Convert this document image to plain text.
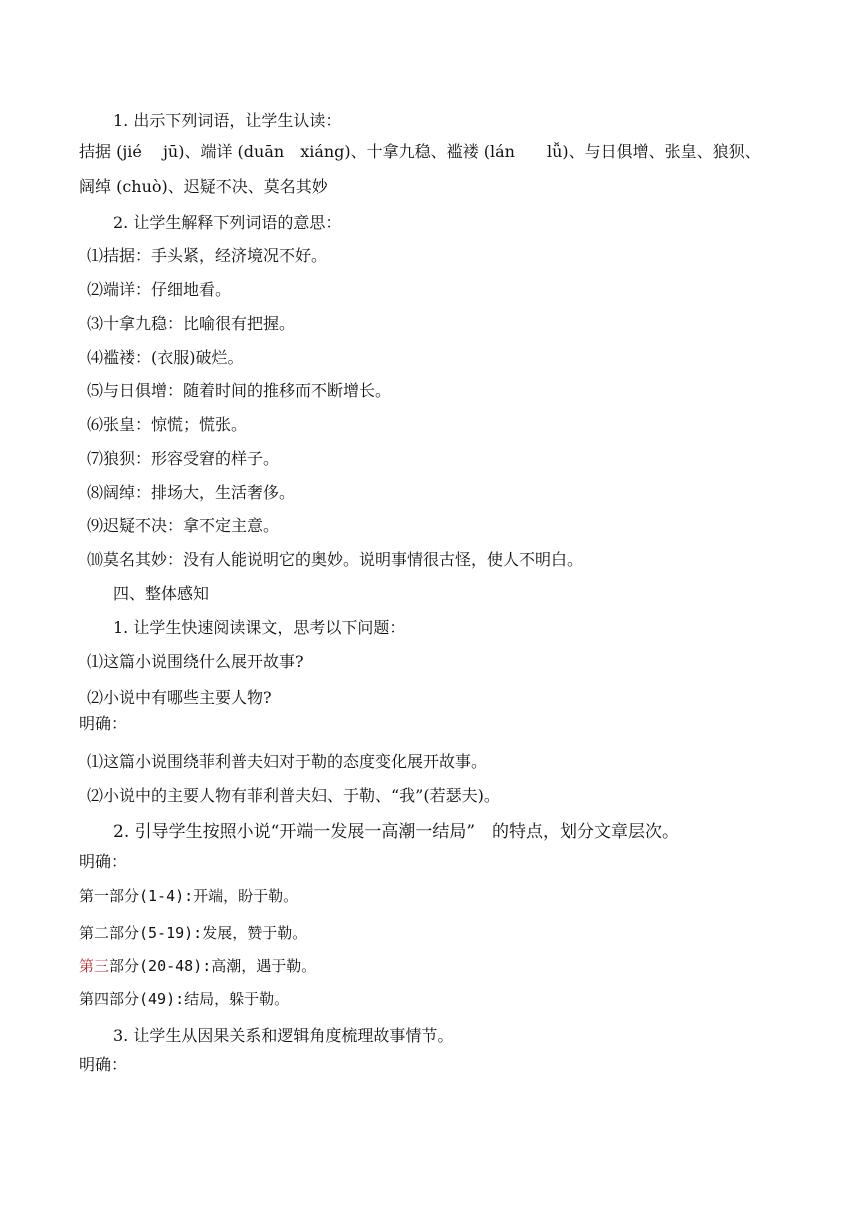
1. 出示下列词语，让学生认读：
拮据 (jié　 jū)、端详 (duān　xiáng)、十拿九稳、褴褛 (lán　　lǚ)、与日俱增、张皇、狼狈、
阔绰 (chuò)、迟疑不决、莫名其妙
2. 让学生解释下列词语的意思：
⑴拮据：手头紧，经济境况不好。
⑵端详：仔细地看。
⑶十拿九稳：比喻很有把握。
⑷褴褛：(衣服)破烂。
⑸与日俱增：随着时间的推移而不断增长。
⑹张皇：惊慌；慌张。
⑺狼狈：形容受窘的样子。
⑻阔绰：排场大，生活奢侈。
⑼迟疑不决：拿不定主意。
⑽莫名其妙：没有人能说明它的奥妙。说明事情很古怪，使人不明白。
四、整体感知
1. 让学生快速阅读课文，思考以下问题：
⑴这篇小说围绕什么展开故事?
⑵小说中有哪些主要人物?
明确：
⑴这篇小说围绕菲利普夫妇对于勒的态度变化展开故事。
⑵小说中的主要人物有菲利普夫妇、于勒、“我”(若瑟夫)。
2. 引导学生按照小说“开端一发展一高潮一结局”　的特点，划分文章层次。
明确：
第一部分(1-4):开端，盼于勒。
第二部分(5-19):发展，赞于勒。
第三部分(20-48):高潮，遇于勒。
第四部分(49):结局，躲于勒。
3. 让学生从因果关系和逻辑角度梳理故事情节。
明确：
